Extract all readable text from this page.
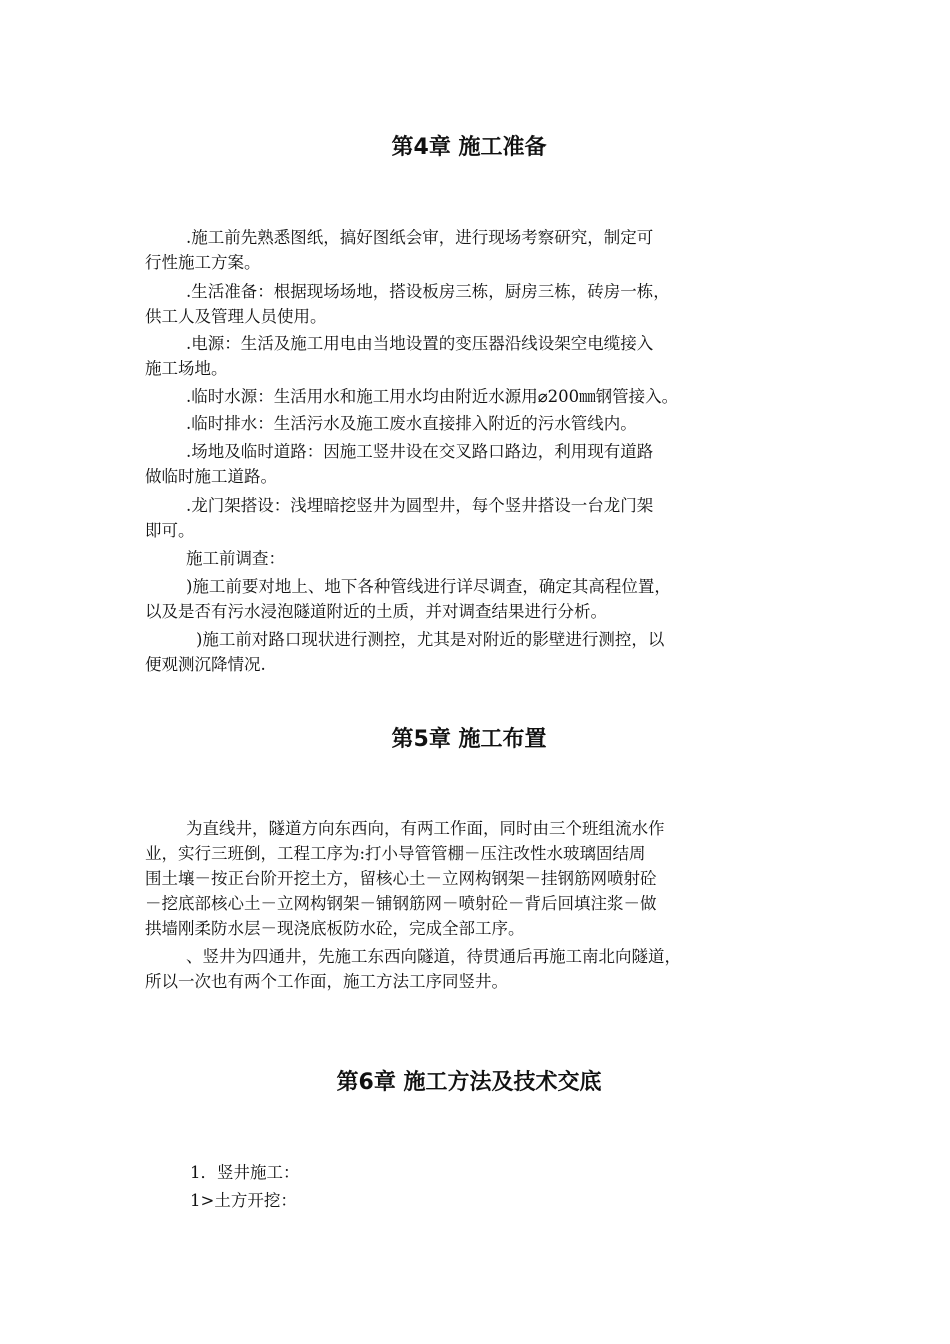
第4章 施工准备

.施工前先熟悉图纸，搞好图纸会审，进行现场考察研究，制定可

行性施工方案。

.生活准备：根据现场场地，搭设板房三栋，厨房三栋，砖房一栋，

供工人及管理人员使用。

.电源：生活及施工用电由当地设置的变压器沿线设架空电缆接入

施工场地。

.临时水源：生活用水和施工用水均由附近水源用⌀200㎜钢管接入。

.临时排水：生活污水及施工废水直接排入附近的污水管线内。

.场地及临时道路：因施工竖井设在交叉路口路边，利用现有道路

做临时施工道路。

.龙门架搭设：浅埋暗挖竖井为圆型井，每个竖井搭设一台龙门架

即可。

施工前调查：

)施工前要对地上、地下各种管线进行详尽调查，确定其高程位置，

以及是否有污水浸泡隧道附近的土质，并对调查结果进行分析。

)施工前对路口现状进行测控，尤其是对附近的影壁进行测控，以

便观测沉降情况.

第5章 施工布置

为直线井，隧道方向东西向，有两工作面，同时由三个班组流水作

业，实行三班倒，工程工序为:打小导管管棚－压注改性水玻璃固结周

围土壤－按正台阶开挖土方，留核心土－立网构钢架－挂钢筋网喷射砼

－挖底部核心土－立网构钢架－铺钢筋网－喷射砼－背后回填注浆－做

拱墙刚柔防水层－现浇底板防水砼，完成全部工序。

、竖井为四通井，先施工东西向隧道，待贯通后再施工南北向隧道，

所以一次也有两个工作面，施工方法工序同竖井。

第6章 施工方法及技术交底

1．竖井施工：

1>土方开挖：
